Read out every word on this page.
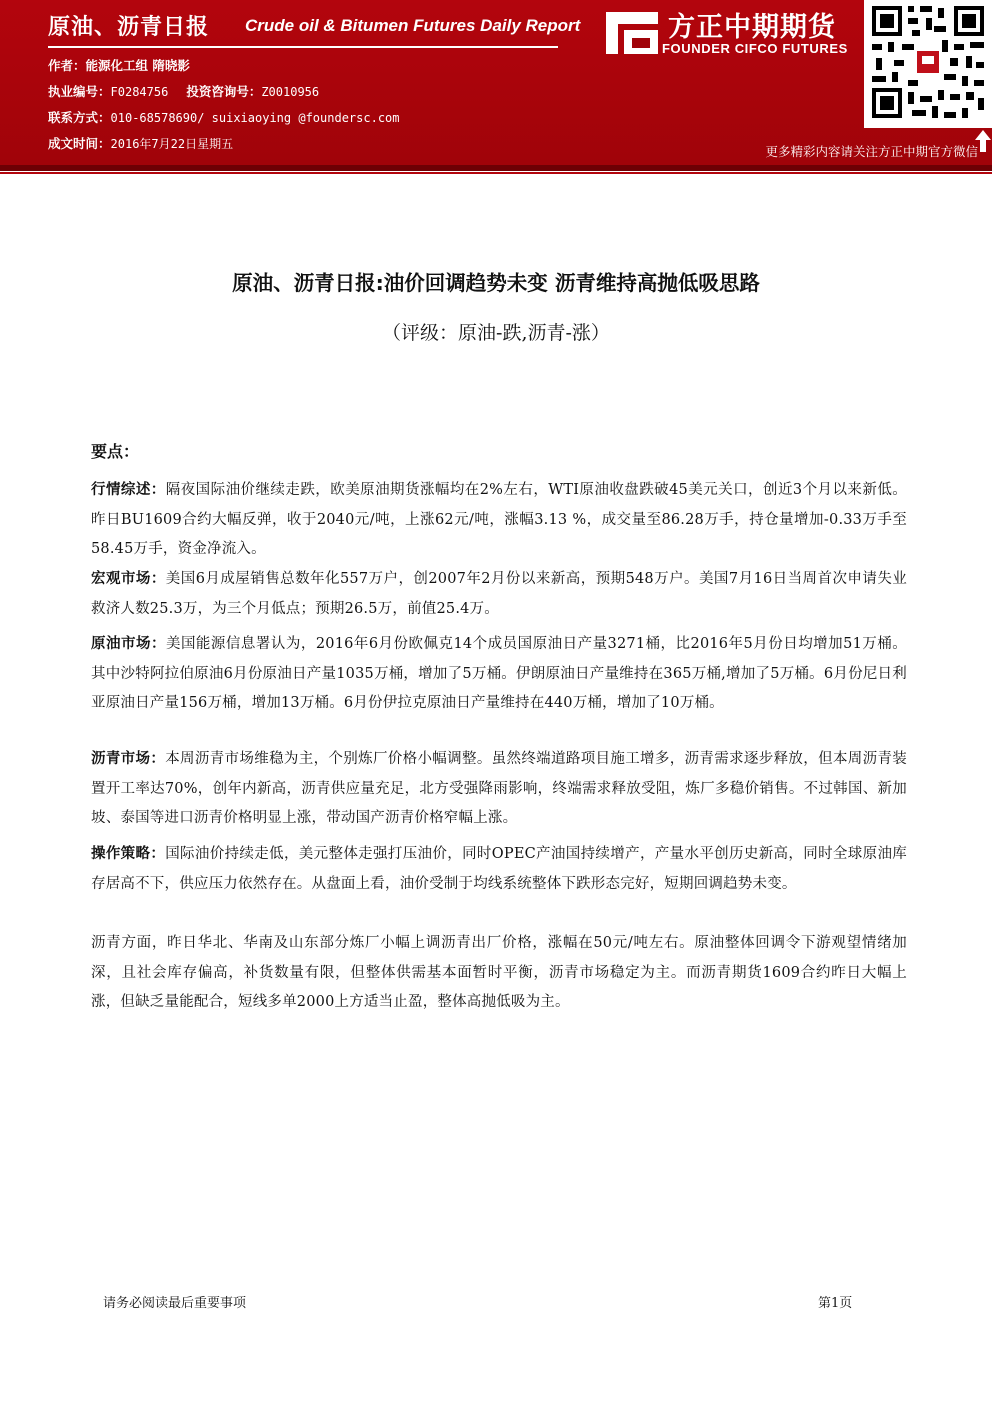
原油、沥青日报 Crude oil & Bitumen Futures Daily Report
作者：能源化工组 隋晓影
执业编号：F0284756 投资咨询号：Z0010956
联系方式：010-68578690/ suixiaoying @foundersc.com
成文时间：2016年7月22日星期五
方正中期期货
FOUNDER CIFCO FUTURES
更多精彩内容请关注方正中期官方微信
原油、沥青日报:油价回调趋势未变 沥青维持高抛低吸思路
（评级：原油-跌,沥青-涨）
要点：
行情综述：隔夜国际油价继续走跌，欧美原油期货涨幅均在2%左右，WTI原油收盘跌破45美元关口，创近3个月以来新低。昨日BU1609合约大幅反弹，收于2040元/吨，上涨62元/吨，涨幅3.13 %，成交量至86.28万手，持仓量增加-0.33万手至58.45万手，资金净流入。
宏观市场：美国6月成屋销售总数年化557万户，创2007年2月份以来新高，预期548万户。美国7月16日当周首次申请失业救济人数25.3万，为三个月低点；预期26.5万，前值25.4万。
原油市场：美国能源信息署认为，2016年6月份欧佩克14个成员国原油日产量3271桶，比2016年5月份日均增加51万桶。其中沙特阿拉伯原油6月份原油日产量1035万桶，增加了5万桶。伊朗原油日产量维持在365万桶,增加了5万桶。6月份尼日利亚原油日产量156万桶，增加13万桶。6月份伊拉克原油日产量维持在440万桶，增加了10万桶。
沥青市场：本周沥青市场维稳为主，个别炼厂价格小幅调整。虽然终端道路项目施工增多，沥青需求逐步释放，但本周沥青装置开工率达70%，创年内新高，沥青供应量充足，北方受强降雨影响，终端需求释放受阻，炼厂多稳价销售。不过韩国、新加坡、泰国等进口沥青价格明显上涨，带动国产沥青价格窄幅上涨。
操作策略：国际油价持续走低，美元整体走强打压油价，同时OPEC产油国持续增产，产量水平创历史新高，同时全球原油库存居高不下，供应压力依然存在。从盘面上看，油价受制于均线系统整体下跌形态完好，短期回调趋势未变。
沥青方面，昨日华北、华南及山东部分炼厂小幅上调沥青出厂价格，涨幅在50元/吨左右。原油整体回调令下游观望情绪加深，且社会库存偏高，补货数量有限，但整体供需基本面暂时平衡，沥青市场稳定为主。而沥青期货1609合约昨日大幅上涨，但缺乏量能配合，短线多单2000上方适当止盈，整体高抛低吸为主。
请务必阅读最后重要事项	第1页
